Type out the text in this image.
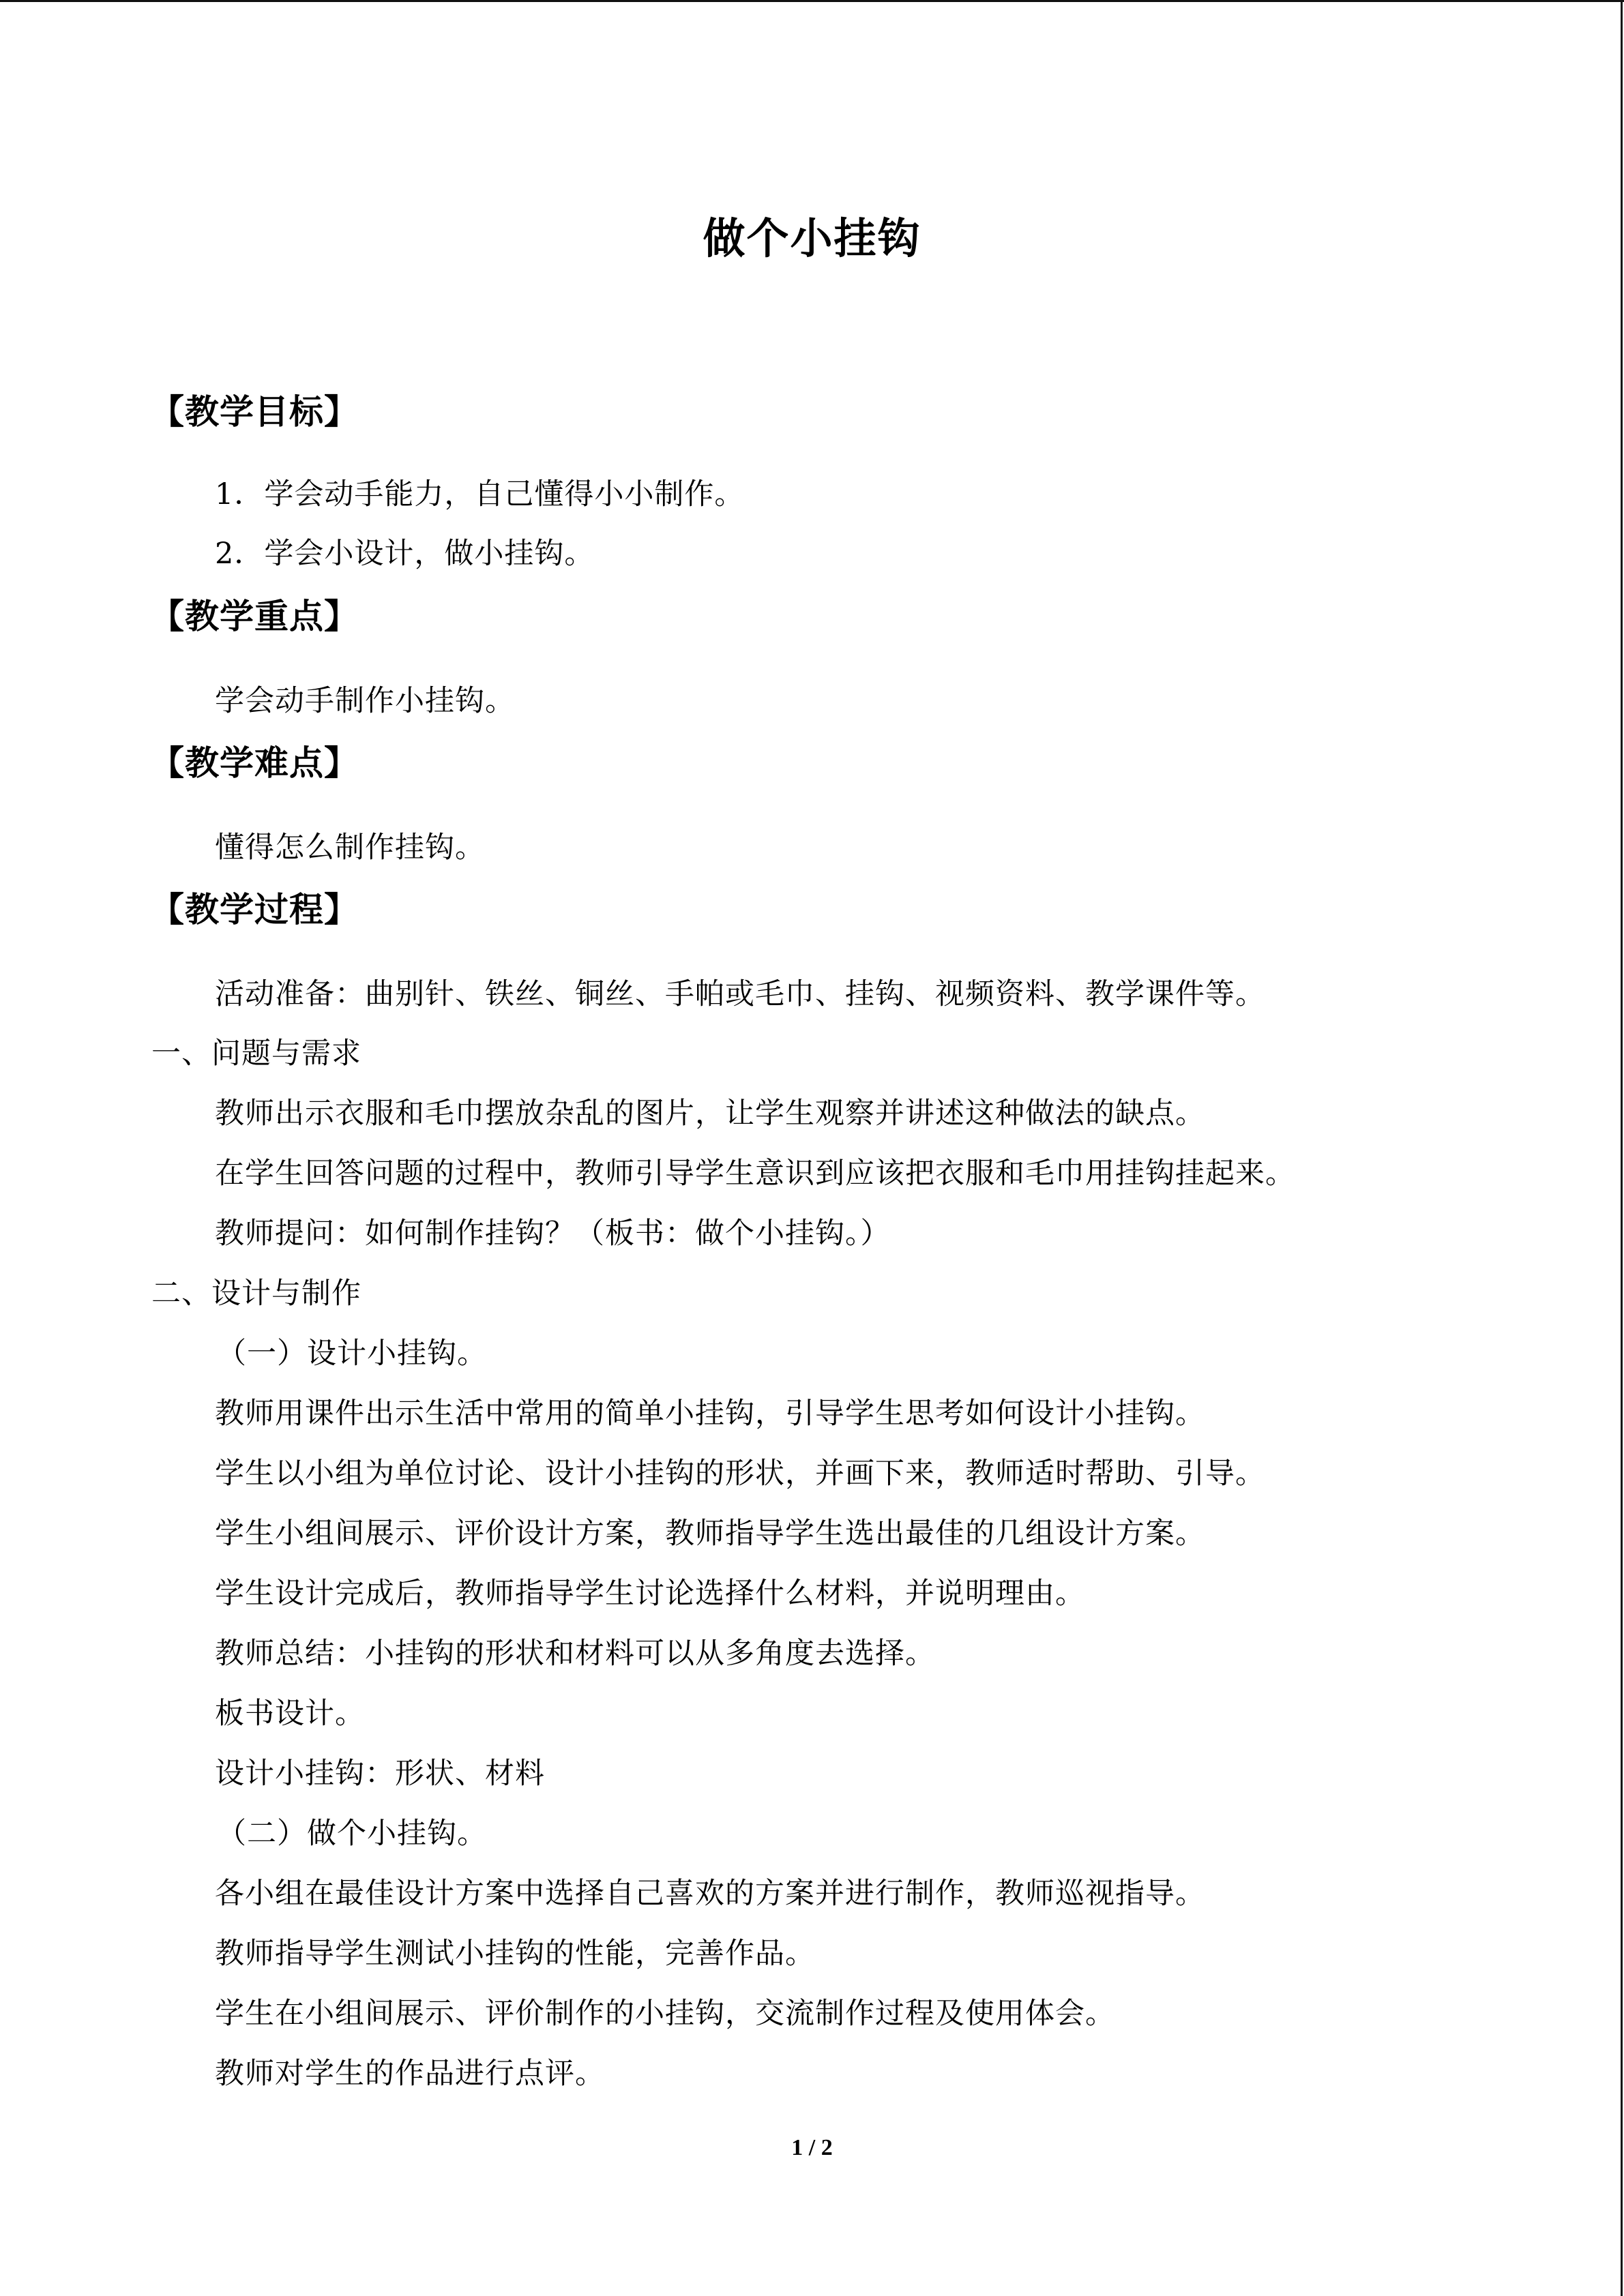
做个小挂钩
【教学目标】
1．学会动手能力，自己懂得小小制作。
2．学会小设计，做小挂钩。
【教学重点】
学会动手制作小挂钩。
【教学难点】
懂得怎么制作挂钩。
【教学过程】
活动准备：曲别针、铁丝、铜丝、手帕或毛巾、挂钩、视频资料、教学课件等。
一、问题与需求
教师出示衣服和毛巾摆放杂乱的图片，让学生观察并讲述这种做法的缺点。
在学生回答问题的过程中，教师引导学生意识到应该把衣服和毛巾用挂钩挂起来。
教师提问：如何制作挂钩？（板书：做个小挂钩。）
二、设计与制作
（一）设计小挂钩。
教师用课件出示生活中常用的简单小挂钩，引导学生思考如何设计小挂钩。
学生以小组为单位讨论、设计小挂钩的形状，并画下来，教师适时帮助、引导。
学生小组间展示、评价设计方案，教师指导学生选出最佳的几组设计方案。
学生设计完成后，教师指导学生讨论选择什么材料，并说明理由。
教师总结：小挂钩的形状和材料可以从多角度去选择。
板书设计。
设计小挂钩：形状、材料
（二）做个小挂钩。
各小组在最佳设计方案中选择自己喜欢的方案并进行制作，教师巡视指导。
教师指导学生测试小挂钩的性能，完善作品。
学生在小组间展示、评价制作的小挂钩，交流制作过程及使用体会。
教师对学生的作品进行点评。
1 / 2
